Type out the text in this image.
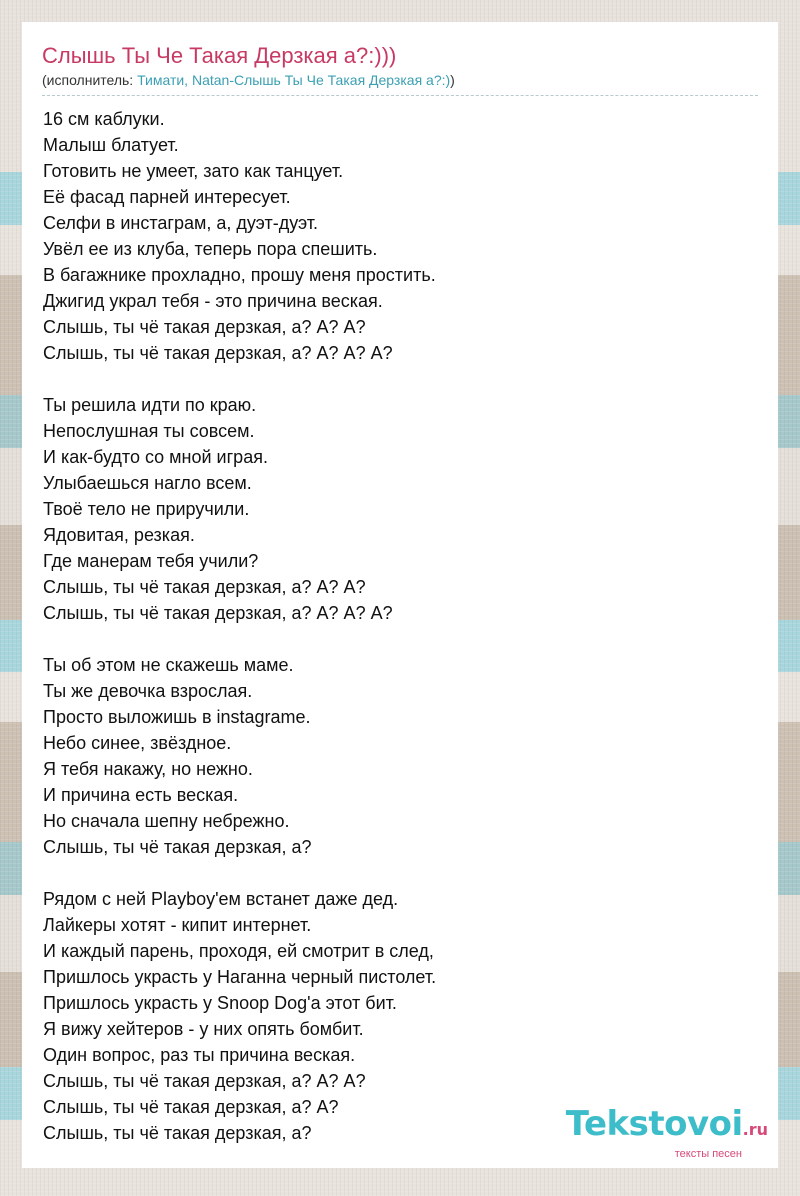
Слышь Ты Че Такая Дерзкая а?:)))
(исполнитель: Тимати, Natan-Слышь Ты Че Такая Дерзкая а?:))
16 см каблуки.
Малыш блатует.
Готовить не умеет, зато как танцует.
Её фасад парней интересует.
Селфи в инстаграм, а, дуэт-дуэт.
Увёл ее из клуба, теперь пора спешить.
В багажнике прохладно, прошу меня простить.
Джигид украл тебя - это причина веская.
Слышь, ты чё такая дерзкая, а? А? А?
Слышь, ты чё такая дерзкая, а? А? А? А?

Ты решила идти по краю.
Непослушная ты совсем.
И как-будто со мной играя.
Улыбаешься нагло всем.
Твоё тело не приручили.
Ядовитая, резкая.
Где манерам тебя учили?
Слышь, ты чё такая дерзкая, а? А? А?
Слышь, ты чё такая дерзкая, а? А? А? А?

Ты об этом не скажешь маме.
Ты же девочка взрослая.
Просто выложишь в instagrame.
Небо синее, звёздное.
Я тебя накажу, но нежно.
И причина есть веская.
Но сначала шепну небрежно.
Слышь, ты чё такая дерзкая, а?

Рядом с ней Playboy'ем встанет даже дед.
Лайкеры хотят - кипит интернет.
И каждый парень, проходя, ей смотрит в след,
Пришлось украсть у Наганна черный пистолет.
Пришлось украсть у Snoop Dog'а этот бит.
Я вижу хейтеров - у них опять бомбит.
Один вопрос, раз ты причина веская.
Слышь, ты чё такая дерзкая, а? А? А?
Слышь, ты чё такая дерзкая, а? А?
Слышь, ты чё такая дерзкая, а?	Tekstovoi.ru
тексты песен
